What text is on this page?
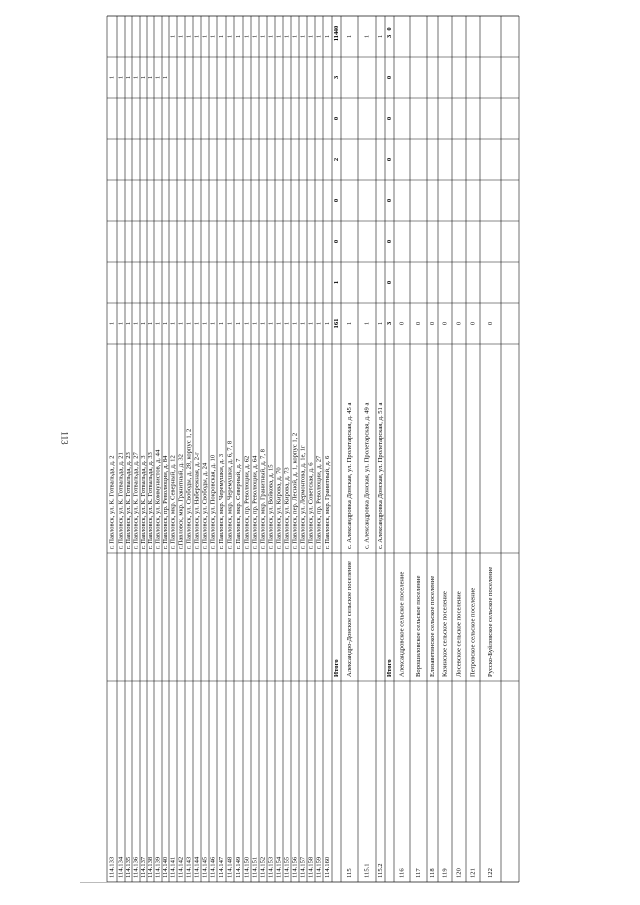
113
114.133
г. Павловск, ул. К. Готвальда, д. 2
1
1
114.134
г. Павловск, ул. К. Готвальда, д. 21
1
1
114.135
г. Павловск, ул. К. Готвальда, д. 23
1
1
114.136
г. Павловск, ул. К. Готвальда, д. 27
1
1
114.137
г. Павловск, ул. К. Готвальда, д. 3
1
1
114.138
г. Павловск, ул. К. Готвальда, д. 33
1
1
114.139
г. Павловск, ул. Коммунистов, д. 44
1
1
114.140
г. Павловск, пр. Революции, д. 84
1
1
114.141
г. Павловск, мкр. Северный, д. 12
1
1
114.142
г.Павловск, мкр. Гранитный, д. 32
1
1
114.143
г. Павловск, ул. Свободы, д. 28, корпус 1, 2
1
1
114.144
г. Павловск, ул. Набережная, д. 2-г
1
1
114.145
г. Павловск, ул. Свободы, д. 24
1
1
114.146
г. Павловск, ул. Покровская, д. 10
1
1
114.147
г. Павловск, мкр. Черемушки, д. 3
1
1
114.148
г. Павловск, мкр. Черемушки, д. 6, 7, 8
1
1
114.149
г. Павловск, мкр. Северный, д. 7
1
1
114.150
г. Павловск, пр. Революции, д. 62
1
1
114.151
г. Павловск, пр. Революции, д. 64
1
1
114.152
г. Павловск, мкр. Гранитный, д. 7, 8
1
1
114.153
г. Павловск, ул. Войкова, д. 15
1
1
114.154
г. Павловск, ул. Кирова, д. 70
1
1
114.155
г. Павловск, ул. Кирова, д. 73
1
1
114.156
г. Павловск, пер. Лесной, д. 1, корпус 1, 2
1
1
114.157
г. Павловск, ул. Лермонтова, д. 1е, 1г
1
1
114.158
г. Павловск, ул. Советская, д. 6
1
1
114.159
г. Павловск, пр. Революции, д. 27
1
1
114.160
г. Павловск, мкр. Гранитный, д. 6
1
1
Итого
161
1
0
0
2
0
3
114
40
115
Александро-Донское сельское поселение
с. Александровка Донская, ул. Пролетарская, д. 45 а
1
1
115.1
с. Александровка Донская, ул. Пролетарская, д. 49 а
1
1
115.2
с. Александровка Донская, ул. Пролетарская, д. 51 а
1
1
Итого
3
0
0
0
0
0
0
3
0
116
Александровское сельское поселение
0
117
Ворошиловское сельское поселение
0
118
Елизаветинское сельское поселение
0
119
Казинское сельское поселение
0
120
Лосевское сельское поселение
0
121
Петровское сельское поселение
0
122
Русско-Буйловское сельское поселение
0
